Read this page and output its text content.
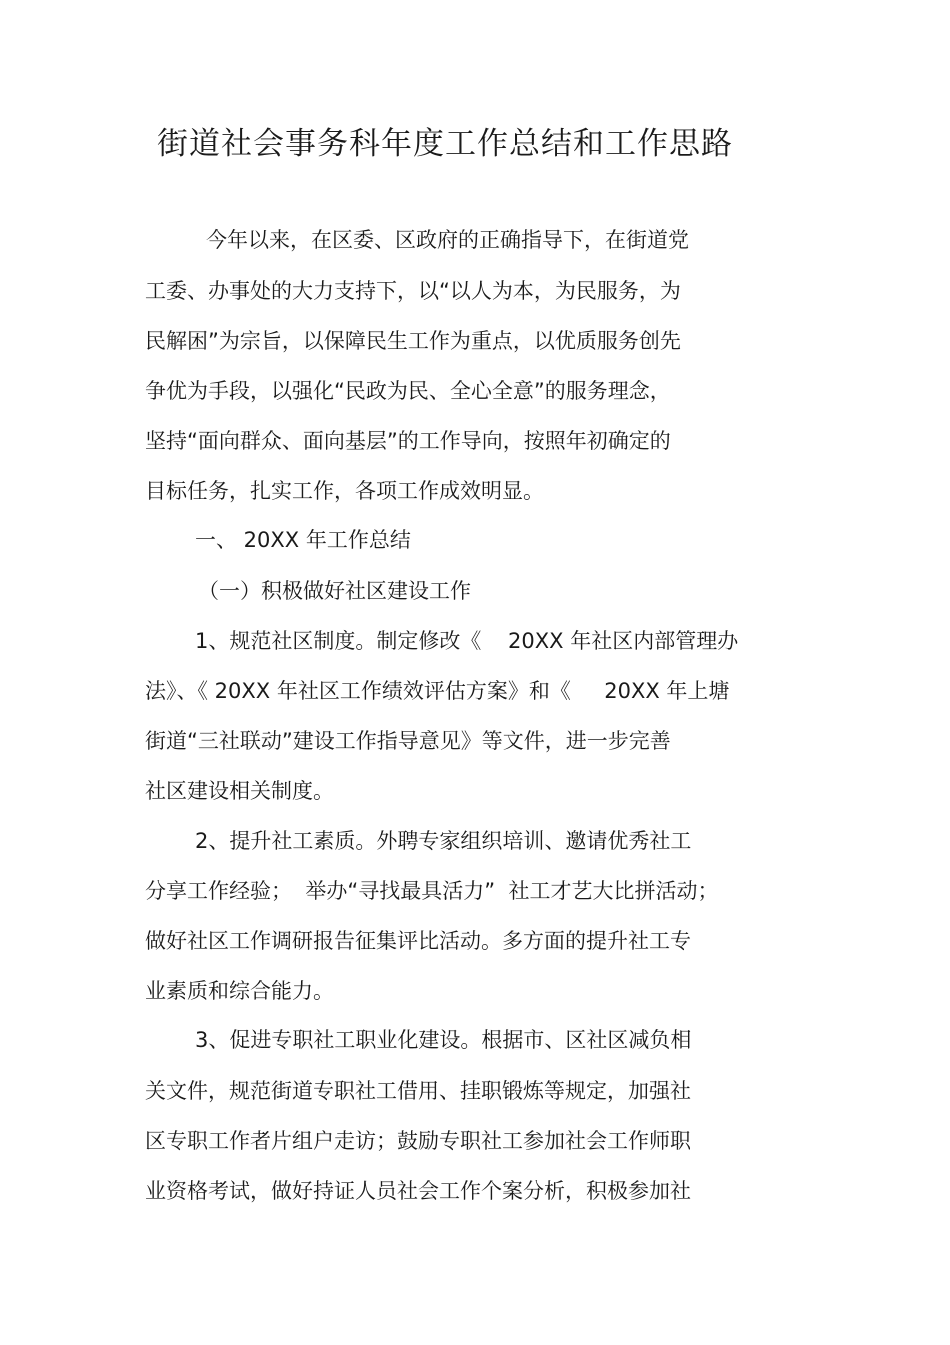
街道社会事务科年度工作总结和工作思路
今年以来，在区委、区政府的正确指导下，在街道党
工委、办事处的大力支持下，以“以人为本，为民服务，为
民解困”为宗旨，以保障民生工作为重点，以优质服务创先
争优为手段，以强化“民政为民、全心全意”的服务理念，
坚持“面向群众、面向基层”的工作导向，按照年初确定的
目标任务，扎实工作，各项工作成效明显。
一、 20XX 年工作总结
（一）积极做好社区建设工作
1、规范社区制度。制定修改《    20XX 年社区内部管理办
法》、《 20XX 年社区工作绩效评估方案》和《     20XX 年上塘
街道“三社联动”建设工作指导意见》等文件，进一步完善
社区建设相关制度。
2、提升社工素质。外聘专家组织培训、邀请优秀社工
分享工作经验；  举办“寻找最具活力”  社工才艺大比拼活动；
做好社区工作调研报告征集评比活动。多方面的提升社工专
业素质和综合能力。
3、促进专职社工职业化建设。根据市、区社区减负相
关文件，规范街道专职社工借用、挂职锻炼等规定，加强社
区专职工作者片组户走访；鼓励专职社工参加社会工作师职
业资格考试，做好持证人员社会工作个案分析，积极参加社
